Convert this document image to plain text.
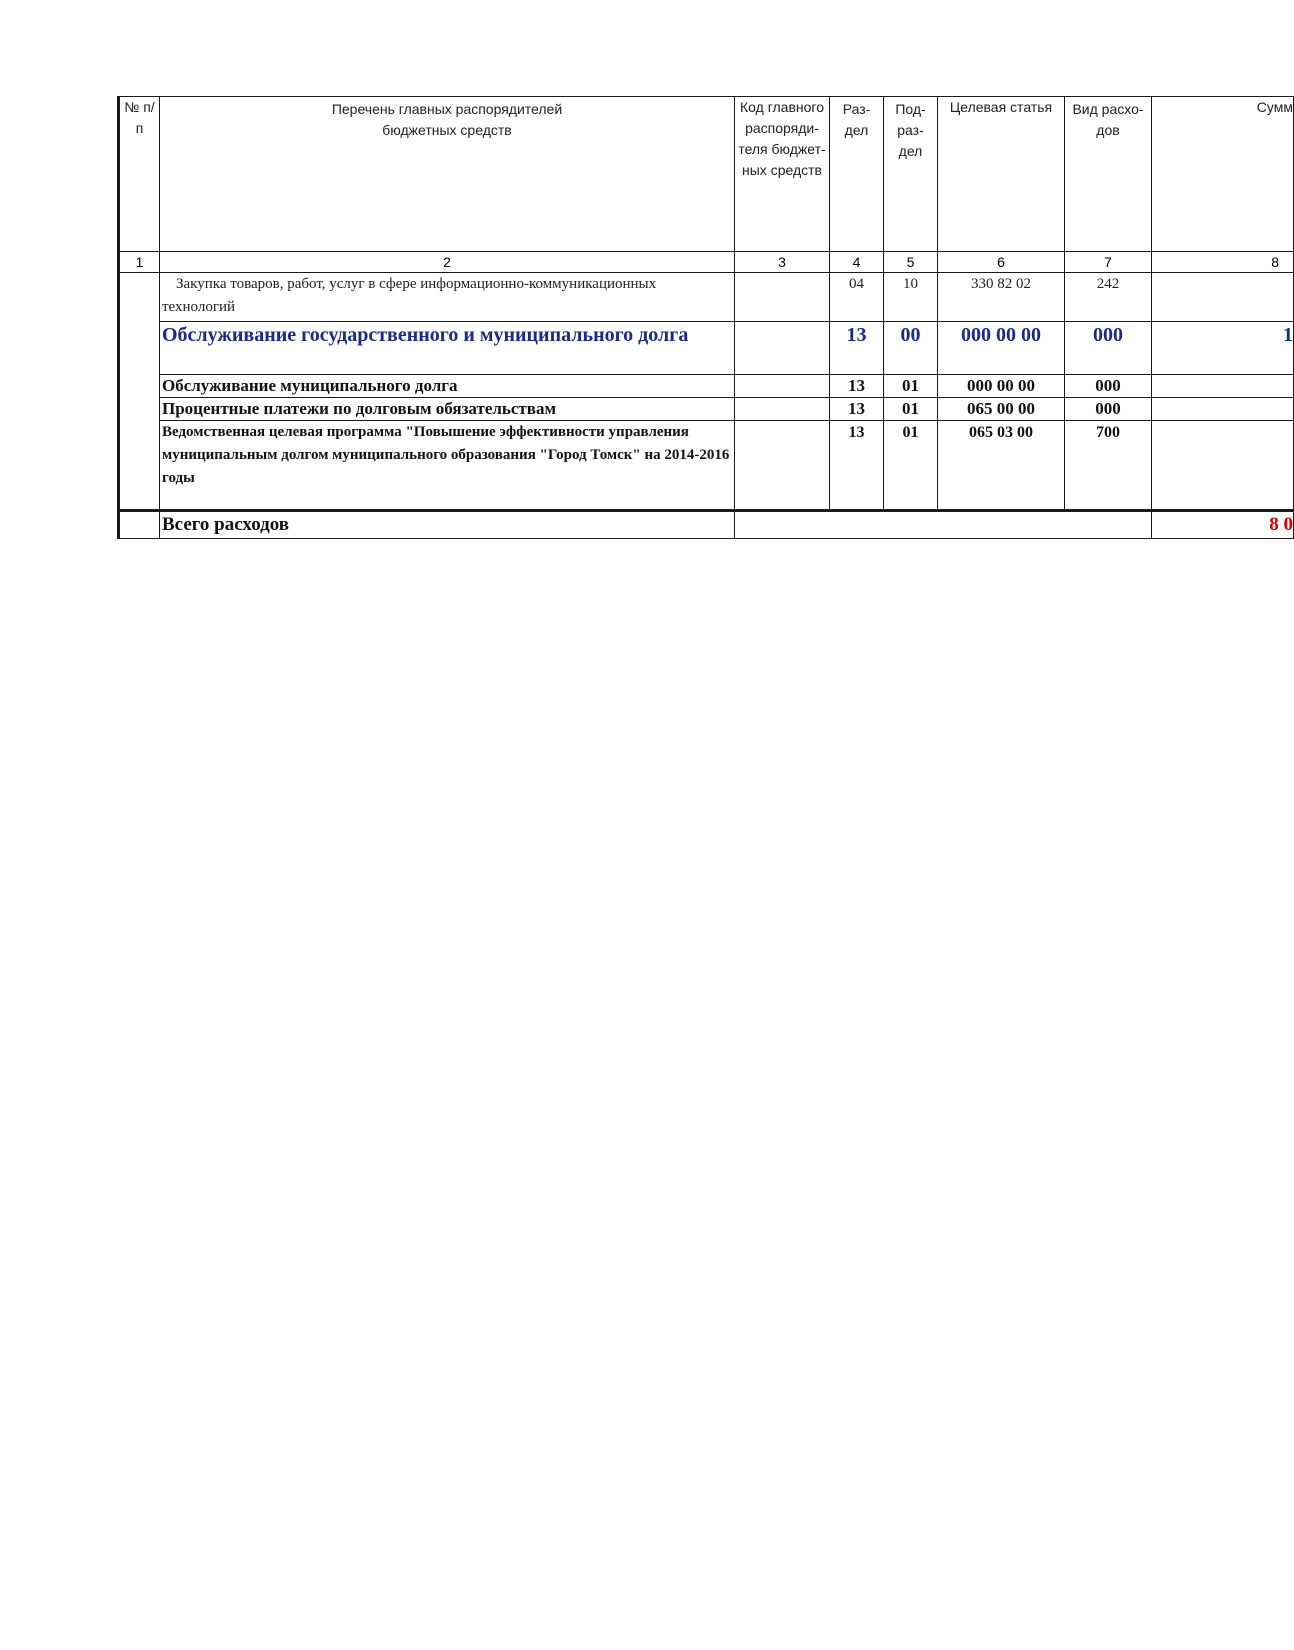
№ п/п	Перечень главных распорядителей бюджетных средств	Код главного распоряди- теля бюджет- ных средств	Раз- дел	Под- раз- дел	Целевая статья	Вид расхо- дов	Сумм
1	2	3	4	5	6	7	8
	Закупка товаров, работ, услуг в сфере информационно-коммуникационных технологий		04	10	330 82 02	242	
	Обслуживание государственного и муниципального долга		13	00	000 00 00	000	1
	Обслуживание муниципального долга		13	01	000 00 00	000	
	Процентные платежи по долговым обязательствам		13	01	065 00 00	000	
	Ведомственная целевая программа "Повышение эффективности управления муниципальным долгом муниципального образования "Город Томск" на 2014-2016 годы		13	01	065 03 00	700	
	Всего расходов						8 0
